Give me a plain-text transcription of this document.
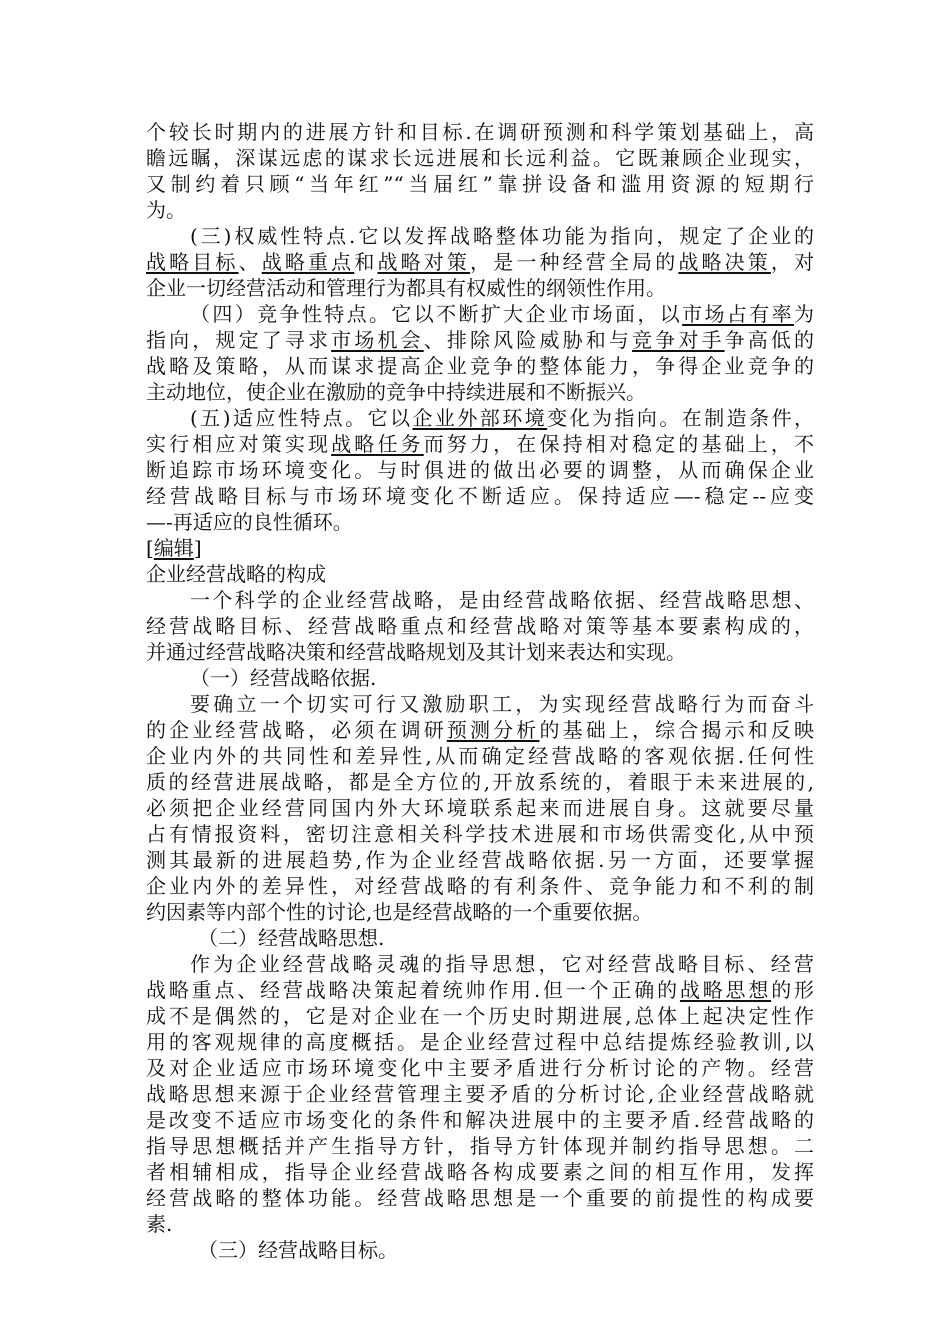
个较长时期内的进展方针和目标.在调研预测和科学策划基础上，高
瞻远瞩，深谋远虑的谋求长远进展和长远利益。它既兼顾企业现实，
又制约着只顾“当年红”“当届红”靠拼设备和滥用资源的短期行
为。
(三)权威性特点.它以发挥战略整体功能为指向，规定了企业的
战略目标、战略重点和战略对策，是一种经营全局的战略决策，对
企业一切经营活动和管理行为都具有权威性的纲领性作用。
（四）竞争性特点。它以不断扩大企业市场面，以市场占有率为
指向，规定了寻求市场机会、排除风险威胁和与竞争对手争高低的
战略及策略，从而谋求提高企业竞争的整体能力，争得企业竞争的
主动地位，使企业在激励的竞争中持续进展和不断振兴。
(五)适应性特点。它以企业外部环境变化为指向。在制造条件，
实行相应对策实现战略任务而努力，在保持相对稳定的基础上，不
断追踪市场环境变化。与时俱进的做出必要的调整，从而确保企业
经营战略目标与市场环境变化不断适应。保持适应—-稳定--应变
—-再适应的良性循环。
[编辑]
企业经营战略的构成
一个科学的企业经营战略，是由经营战略依据、经营战略思想、
经营战略目标、经营战略重点和经营战略对策等基本要素构成的，
并通过经营战略决策和经营战略规划及其计划来表达和实现。
（一）经营战略依据.
要确立一个切实可行又激励职工，为实现经营战略行为而奋斗
的企业经营战略，必须在调研预测分析的基础上，综合揭示和反映
企业内外的共同性和差异性,从而确定经营战略的客观依据.任何性
质的经营进展战略，都是全方位的,开放系统的，着眼于未来进展的,
必须把企业经营同国内外大环境联系起来而进展自身。这就要尽量
占有情报资料，密切注意相关科学技术进展和市场供需变化,从中预
测其最新的进展趋势,作为企业经营战略依据.另一方面，还要掌握
企业内外的差异性，对经营战略的有利条件、竞争能力和不利的制
约因素等内部个性的讨论,也是经营战略的一个重要依据。
（二）经营战略思想.
作为企业经营战略灵魂的指导思想，它对经营战略目标、经营
战略重点、经营战略决策起着统帅作用.但一个正确的战略思想的形
成不是偶然的，它是对企业在一个历史时期进展,总体上起决定性作
用的客观规律的高度概括。是企业经营过程中总结提炼经验教训,以
及对企业适应市场环境变化中主要矛盾进行分析讨论的产物。经营
战略思想来源于企业经营管理主要矛盾的分析讨论,企业经营战略就
是改变不适应市场变化的条件和解决进展中的主要矛盾.经营战略的
指导思想概括并产生指导方针，指导方针体现并制约指导思想。二
者相辅相成，指导企业经营战略各构成要素之间的相互作用，发挥
经营战略的整体功能。经营战略思想是一个重要的前提性的构成要
素.
（三）经营战略目标。
